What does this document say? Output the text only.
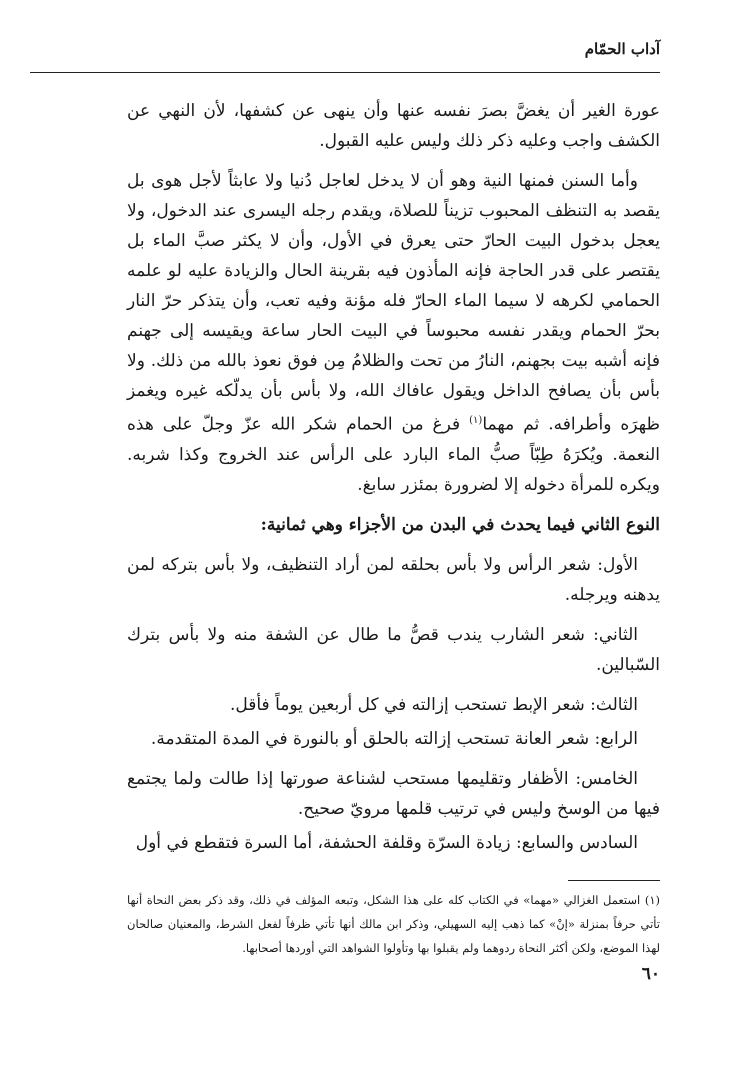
آداب الحمّام

عورة الغير أن يغضَّ بصرَ نفسه عنها وأن ينهى عن كشفها، لأن النهي عن الكشف واجب وعليه ذكر ذلك وليس عليه القبول.

وأما السنن فمنها النية وهو أن لا يدخل لعاجل دُنيا ولا عابثاً لأجل هوى بل يقصد به التنظف المحبوب تزيناً للصلاة، ويقدم رجله اليسرى عند الدخول، ولا يعجل بدخول البيت الحارّ حتى يعرق في الأول، وأن لا يكثر صبَّ الماء بل يقتصر على قدر الحاجة فإنه المأذون فيه بقرينة الحال والزيادة عليه لو علمه الحمامي لكرهه لا سيما الماء الحارّ فله مؤنة وفيه تعب، وأن يتذكر حرّ النار بحرّ الحمام ويقدر نفسه محبوساً في البيت الحار ساعة ويقيسه إلى جهنم فإنه أشبه بيت بجهنم، النارُ من تحت والظلامُ مِن فوق نعوذ بالله من ذلك. ولا بأس بأن يصافح الداخل ويقول عافاك الله، ولا بأس بأن يدلّكه غيره ويغمز ظهرَه وأطرافه. ثم مهما$^{(١)}$ فرغ من الحمام شكر الله عزّ وجلّ على هذه النعمة. ويُكرَهُ طِبّاً صبُّ الماء البارد على الرأس عند الخروج وكذا شربه. ويكره للمرأة دخوله إلا لضرورة بمئزر سابغ.

النوع الثاني فيما يحدث في البدن من الأجزاء وهي ثمانية:

الأول: شعر الرأس ولا بأس بحلقه لمن أراد التنظيف، ولا بأس بتركه لمن يدهنه ويرجله.

الثاني: شعر الشارب يندب قصُّ ما طال عن الشفة منه ولا بأس بترك السّبالين.

الثالث: شعر الإبط تستحب إزالته في كل أربعين يوماً فأقل.

الرابع: شعر العانة تستحب إزالته بالحلق أو بالنورة في المدة المتقدمة.

الخامس: الأظفار وتقليمها مستحب لشناعة صورتها إذا طالت ولما يجتمع فيها من الوسخ وليس في ترتيب قلمها مرويّ صحيح.

السادس والسابع: زيادة السرّة وقلفة الحشفة، أما السرة فتقطع في أول

(١) استعمل الغزالي «مهما» في الكتاب كله على هذا الشكل، وتبعه المؤلف في ذلك، وقد ذكر بعض النحاة أنها تأتي حرفاً بمنزلة «إنْ» كما ذهب إليه السهيلي، وذكر ابن مالك أنها تأتي ظرفاً لفعل الشرط، والمعنيان صالحان لهذا الموضع، ولكن أكثر النحاة ردوهما ولم يقبلوا بها وتأولوا الشواهد التي أوردها أصحابها.
٦٠
